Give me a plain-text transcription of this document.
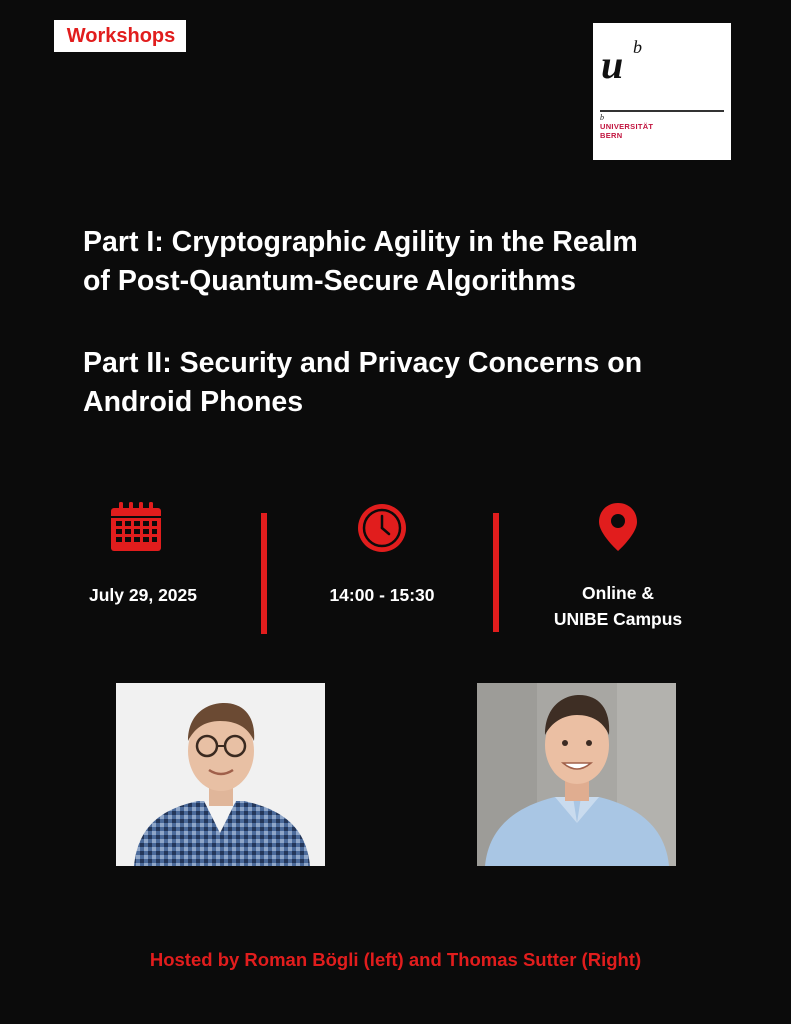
Workshops
u b
b
UNIVERSITÄT
BERN
Part I: Cryptographic Agility in the Realm
of Post-Quantum-Secure Algorithms
Part II: Security and Privacy Concerns on
Android Phones
July 29, 2025	14:00 - 15:30	Online &
UNIBE Campus
Hosted by Roman Bögli (left) and Thomas Sutter (Right)
